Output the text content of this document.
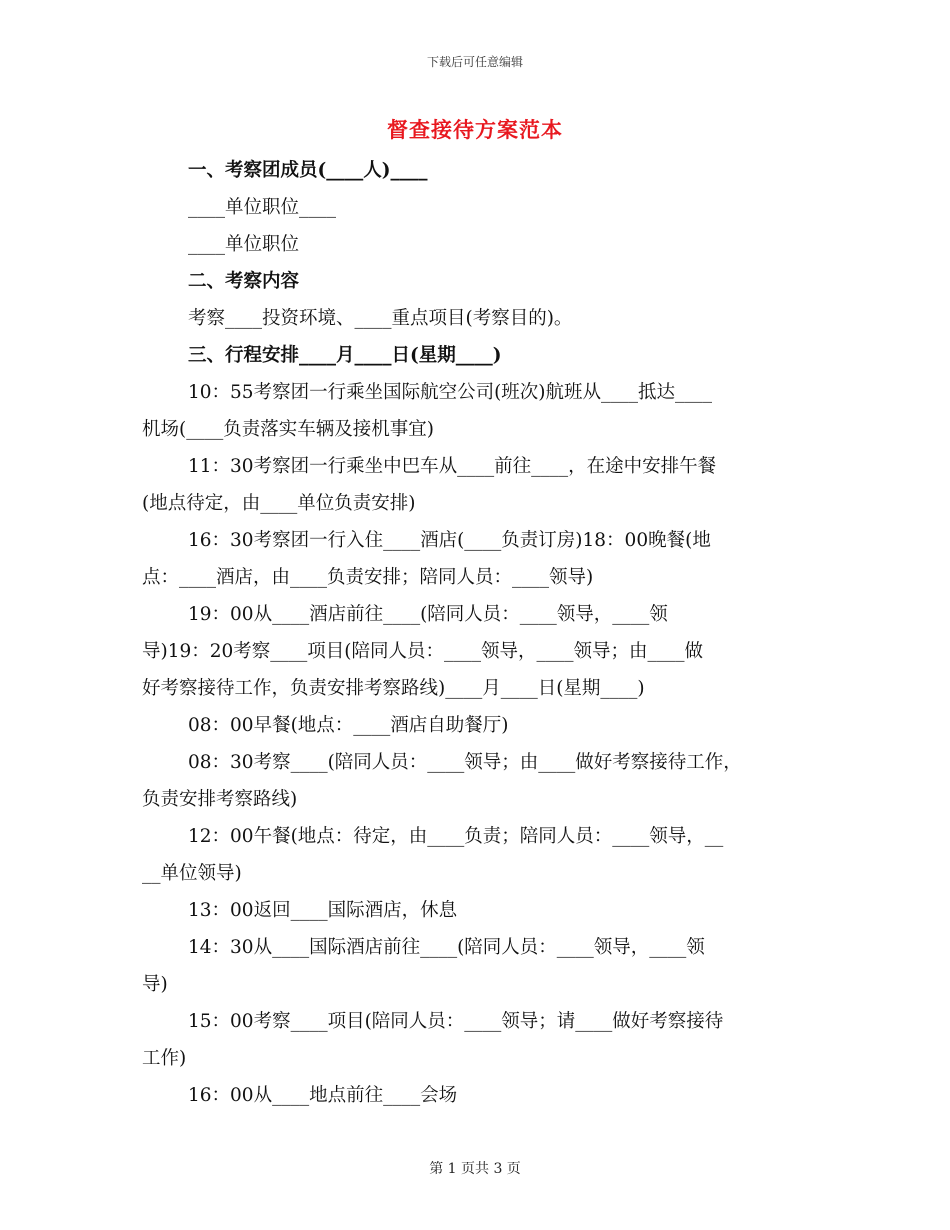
下载后可任意编辑
督查接待方案范本

一、考察团成员(____人)____

____单位职位____

____单位职位

二、考察内容

考察____投资环境、____重点项目(考察目的)。

三、行程安排____月____日(星期____)

10：55考察团一行乘坐国际航空公司(班次)航班从____抵达____

机场(____负责落实车辆及接机事宜)

11：30考察团一行乘坐中巴车从____前往____，在途中安排午餐

(地点待定，由____单位负责安排)

16：30考察团一行入住____酒店(____负责订房)18：00晚餐(地

点：____酒店，由____负责安排；陪同人员：____领导)

19：00从____酒店前往____(陪同人员：____领导，____领

导)19：20考察____项目(陪同人员：____领导，____领导；由____做

好考察接待工作，负责安排考察路线)____月____日(星期____)

08：00早餐(地点：____酒店自助餐厅)

08：30考察____(陪同人员：____领导；由____做好考察接待工作，

负责安排考察路线)

12：00午餐(地点：待定，由____负责；陪同人员：____领导，__

__单位领导)

13：00返回____国际酒店，休息

14：30从____国际酒店前往____(陪同人员：____领导，____领

导)

15：00考察____项目(陪同人员：____领导；请____做好考察接待

工作)

16：00从____地点前往____会场

第 1 页共 3 页
